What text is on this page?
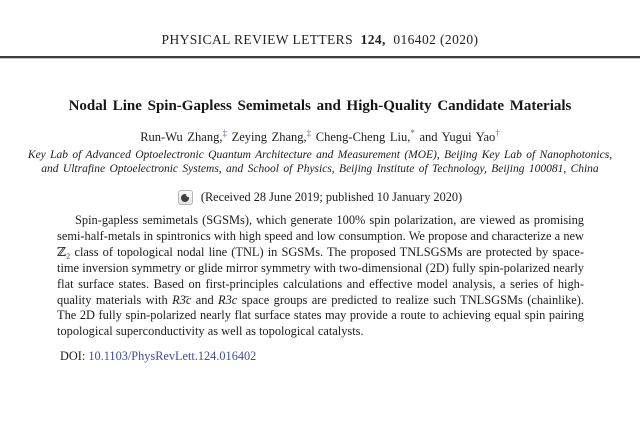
PHYSICAL REVIEW LETTERS 124, 016402 (2020)
Nodal Line Spin-Gapless Semimetals and High-Quality Candidate Materials
Run-Wu Zhang,‡ Zeying Zhang,‡ Cheng-Cheng Liu,* and Yugui Yao†
Key Lab of Advanced Optoelectronic Quantum Architecture and Measurement (MOE), Beijing Key Lab of Nanophotonics,
and Ultrafine Optoelectronic Systems, and School of Physics, Beijing Institute of Technology, Beijing 100081, China
(Received 28 June 2019; published 10 January 2020)
Spin-gapless semimetals (SGSMs), which generate 100% spin polarization, are viewed as promising semi-half-metals in spintronics with high speed and low consumption. We propose and characterize a new ℤ₂ class of topological nodal line (TNL) in SGSMs. The proposed TNLSGSMs are protected by space-time inversion symmetry or glide mirror symmetry with two-dimensional (2D) fully spin-polarized nearly flat surface states. Based on first-principles calculations and effective model analysis, a series of high-quality materials with R3̄c and R3c space groups are predicted to realize such TNLSGSMs (chainlike). The 2D fully spin-polarized nearly flat surface states may provide a route to achieving equal spin pairing topological superconductivity as well as topological catalysts.
DOI: 10.1103/PhysRevLett.124.016402
